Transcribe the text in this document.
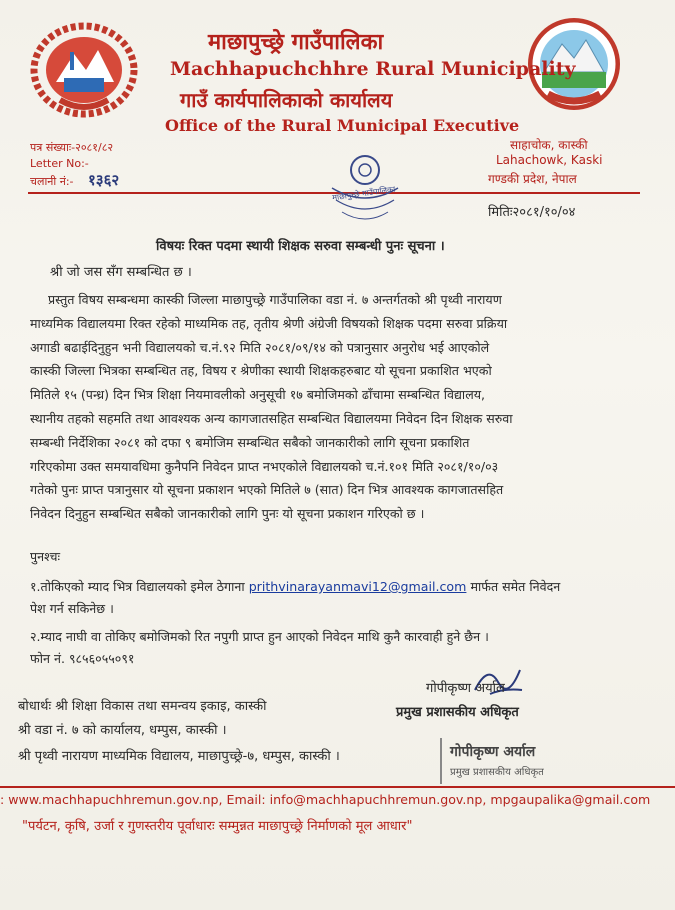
माछापुच्छ्रे गाउँपालिका
Machhapuchchhre Rural Municipality
गाउँ कार्यपालिकाको कार्यालय
Office of the Rural Municipal Executive
पत्र संख्याः-२०८१/८२
Letter No:-
चलानी नं:- १३६२
साहाचोक, कास्की
Lahachowk, Kaski
गण्डकी प्रदेश, नेपाल
माछापुच्छ्रे गाउँपालिका
मितिः२०८१/१०/०४
विषयः रिक्त पदमा स्थायी शिक्षक सरुवा सम्बन्धी पुनः सूचना ।
श्री जो जस सँग सम्बन्धित छ ।
प्रस्तुत विषय सम्बन्धमा कास्की जिल्ला माछापुच्छ्रे गाउँपालिका वडा नं. ७ अन्तर्गतको श्री पृथ्वी नारायण
माध्यमिक विद्यालयमा रिक्त रहेको माध्यमिक तह, तृतीय श्रेणी अंग्रेजी विषयको शिक्षक पदमा सरुवा प्रक्रिया
अगाडी बढाईदिनुहुन भनी विद्यालयको च.नं.९२ मिति २०८१/०९/१४ को पत्रानुसार अनुरोध भई आएकोले
कास्की जिल्ला भित्रका सम्बन्धित तह, विषय र श्रेणीका स्थायी शिक्षकहरुबाट यो सूचना प्रकाशित भएको
मितिले १५ (पन्ध्र) दिन भित्र शिक्षा नियमावलीको अनुसूची १७ बमोजिमको ढाँचामा सम्बन्धित विद्यालय,
स्थानीय तहको सहमति तथा आवश्यक अन्य कागजातसहित सम्बन्धित विद्यालयमा निवेदन दिन शिक्षक सरुवा
सम्बन्धी निर्देशिका २०८१ को दफा ९ बमोजिम सम्बन्धित सबैको जानकारीको लागि सूचना प्रकाशित
गरिएकोमा उक्त समयावधिमा कुनैपनि निवेदन प्राप्त नभएकोले विद्यालयको च.नं.१०१ मिति २०८१/१०/०३
गतेको पुनः प्राप्त पत्रानुसार यो सूचना प्रकाशन भएको मितिले ७ (सात) दिन भित्र आवश्यक कागजातसहित
निवेदन दिनुहुन सम्बन्धित सबैको जानकारीको लागि पुनः यो सूचना प्रकाशन गरिएको छ ।
पुनश्चः
१.तोकिएको म्याद भित्र विद्यालयको इमेल ठेगाना prithvinarayanmavi12@gmail.com मार्फत समेत निवेदन
पेश गर्न सकिनेछ ।
२.म्याद नाघी वा तोकिए बमोजिमको रित नपुगी प्राप्त हुन आएको निवेदन माथि कुनै कारवाही हुने छैन ।
फोन नं. ९८५६०५५०९१
गोपीकृष्ण अर्याल
प्रमुख प्रशासकीय अधिकृत
बोधार्थः श्री शिक्षा विकास तथा समन्वय इकाइ, कास्की
श्री वडा नं. ७ को कार्यालय, धम्पुस, कास्की ।
श्री पृथ्वी नारायण माध्यमिक विद्यालय, माछापुच्छ्रे-७, धम्पुस, कास्की ।	गोपीकृष्ण अर्याल
प्रमुख प्रशासकीय अधिकृत
: www.machhapuchhremun.gov.np, Email: info@machhapuchhremun.gov.np, mpgaupalika@gmail.com
"पर्यटन, कृषि, उर्जा र गुणस्तरीय पूर्वाधारः सम्मुन्नत माछापुच्छ्रे निर्माणको मूल आधार"
